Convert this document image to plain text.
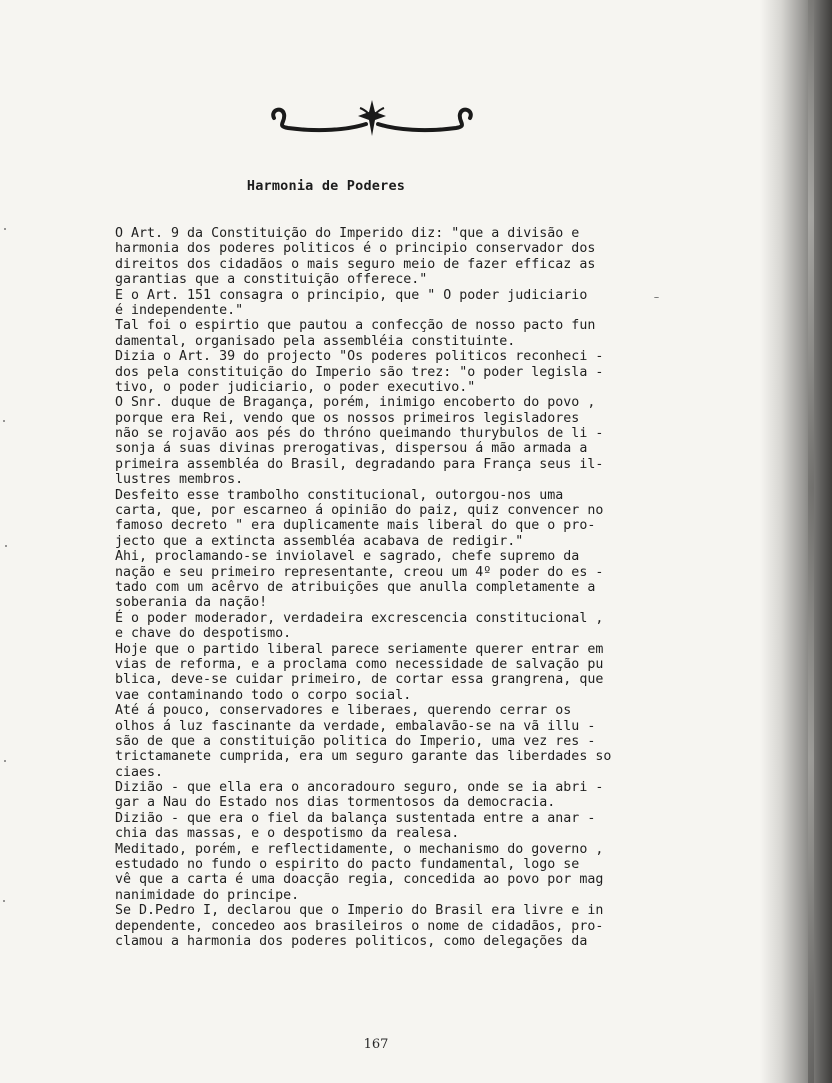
Harmonia de Poderes
O Art. 9 da Constituição do Imperido diz: "que a divisão e
harmonia dos poderes politicos é o principio conservador dos
direitos dos cidadãos o mais seguro meio de fazer efficaz as
garantias que a constituição offerece."
E o Art. 151 consagra o principio, que " O poder judiciario
é independente."
Tal foi o espirtio que pautou a confecção de nosso pacto fun
damental, organisado pela assembléia constituinte.
Dizia o Art. 39 do projecto "Os poderes politicos reconheci -
dos pela constituição do Imperio são trez: "o poder legisla -
tivo, o poder judiciario, o poder executivo."
O Snr. duque de Bragança, porém, inimigo encoberto do povo ,
porque era Rei, vendo que os nossos primeiros legisladores
não se rojavão aos pés do thróno queimando thurybulos de li -
sonja á suas divinas prerogativas, dispersou á mão armada a
primeira assembléa do Brasil, degradando para França seus il-
lustres membros.
Desfeito esse trambolho constitucional, outorgou-nos uma
carta, que, por escarneo á opinião do paiz, quiz convencer no
famoso decreto " era duplicamente mais liberal do que o pro-
jecto que a extincta assembléa acabava de redigir."
Ahi, proclamando-se inviolavel e sagrado, chefe supremo da
nação e seu primeiro representante, creou um 4º poder do es -
tado com um acêrvo de atribuições que anulla completamente a
soberania da nação!
É o poder moderador, verdadeira excrescencia constitucional ,
e chave do despotismo.
Hoje que o partido liberal parece seriamente querer entrar em
vias de reforma, e a proclama como necessidade de salvação pu
blica, deve-se cuidar primeiro, de cortar essa grangrena, que
vae contaminando todo o corpo social.
Até á pouco, conservadores e liberaes, querendo cerrar os
olhos á luz fascinante da verdade, embalavão-se na vã illu -
são de que a constituição politica do Imperio, uma vez res -
trictamanete cumprida, era um seguro garante das liberdades so
ciaes.
Dizião - que ella era o ancoradouro seguro, onde se ia abri -
gar a Nau do Estado nos dias tormentosos da democracia.
Dizião - que era o fiel da balança sustentada entre a anar -
chia das massas, e o despotismo da realesa.
Meditado, porém, e reflectidamente, o mechanismo do governo ,
estudado no fundo o espirito do pacto fundamental, logo se
vê que a carta é uma doacção regia, concedida ao povo por mag
nanimidade do principe.
Se D.Pedro I, declarou que o Imperio do Brasil era livre e in
dependente, concedeo aos brasileiros o nome de cidadãos, pro-
clamou a harmonia dos poderes politicos, como delegações da
167
